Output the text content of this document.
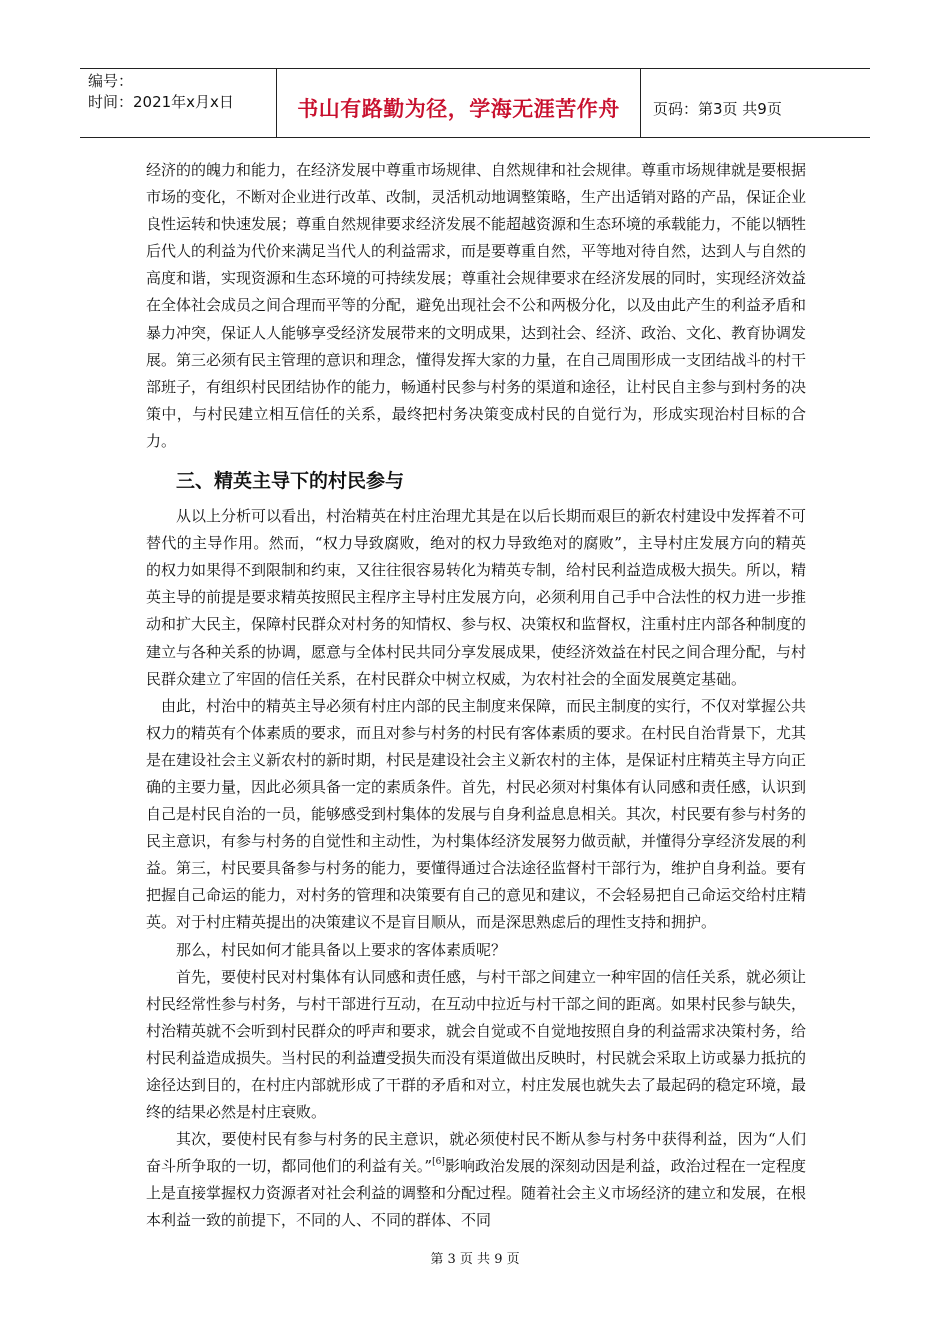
编号：
时间：2021年x月x日	书山有路勤为径，学海无涯苦作舟	页码：第3页 共9页

经济的的魄力和能力，在经济发展中尊重市场规律、自然规律和社会规律。尊重市场规律就是要根据市场的变化，不断对企业进行改革、改制，灵活机动地调整策略，生产出适销对路的产品，保证企业良性运转和快速发展；尊重自然规律要求经济发展不能超越资源和生态环境的承载能力，不能以牺牲后代人的利益为代价来满足当代人的利益需求，而是要尊重自然，平等地对待自然，达到人与自然的高度和谐，实现资源和生态环境的可持续发展；尊重社会规律要求在经济发展的同时，实现经济效益在全体社会成员之间合理而平等的分配，避免出现社会不公和两极分化，以及由此产生的利益矛盾和暴力冲突，保证人人能够享受经济发展带来的文明成果，达到社会、经济、政治、文化、教育协调发展。第三必须有民主管理的意识和理念，懂得发挥大家的力量，在自己周围形成一支团结战斗的村干部班子，有组织村民团结协作的能力，畅通村民参与村务的渠道和途径，让村民自主参与到村务的决策中，与村民建立相互信任的关系，最终把村务决策变成村民的自觉行为，形成实现治村目标的合力。

三、精英主导下的村民参与

从以上分析可以看出，村治精英在村庄治理尤其是在以后长期而艰巨的新农村建设中发挥着不可替代的主导作用。然而，“权力导致腐败，绝对的权力导致绝对的腐败”，主导村庄发展方向的精英的权力如果得不到限制和约束，又往往很容易转化为精英专制，给村民利益造成极大损失。所以，精英主导的前提是要求精英按照民主程序主导村庄发展方向，必须利用自己手中合法性的权力进一步推动和扩大民主，保障村民群众对村务的知情权、参与权、决策权和监督权，注重村庄内部各种制度的建立与各种关系的协调，愿意与全体村民共同分享发展成果，使经济效益在村民之间合理分配，与村民群众建立了牢固的信任关系，在村民群众中树立权威，为农村社会的全面发展奠定基础。

由此，村治中的精英主导必须有村庄内部的民主制度来保障，而民主制度的实行，不仅对掌握公共权力的精英有个体素质的要求，而且对参与村务的村民有客体素质的要求。在村民自治背景下，尤其是在建设社会主义新农村的新时期，村民是建设社会主义新农村的主体，是保证村庄精英主导方向正确的主要力量，因此必须具备一定的素质条件。首先，村民必须对村集体有认同感和责任感，认识到自己是村民自治的一员，能够感受到村集体的发展与自身利益息息相关。其次，村民要有参与村务的民主意识，有参与村务的自觉性和主动性，为村集体经济发展努力做贡献，并懂得分享经济发展的利益。第三，村民要具备参与村务的能力，要懂得通过合法途径监督村干部行为，维护自身利益。要有把握自己命运的能力，对村务的管理和决策要有自己的意见和建议，不会轻易把自己命运交给村庄精英。对于村庄精英提出的决策建议不是盲目顺从，而是深思熟虑后的理性支持和拥护。

那么，村民如何才能具备以上要求的客体素质呢？

首先，要使村民对村集体有认同感和责任感，与村干部之间建立一种牢固的信任关系，就必须让村民经常性参与村务，与村干部进行互动，在互动中拉近与村干部之间的距离。如果村民参与缺失，村治精英就不会听到村民群众的呼声和要求，就会自觉或不自觉地按照自身的利益需求决策村务，给村民利益造成损失。当村民的利益遭受损失而没有渠道做出反映时，村民就会采取上访或暴力抵抗的途径达到目的，在村庄内部就形成了干群的矛盾和对立，村庄发展也就失去了最起码的稳定环境，最终的结果必然是村庄衰败。

其次，要使村民有参与村务的民主意识，就必须使村民不断从参与村务中获得利益，因为“人们奋斗所争取的一切，都同他们的利益有关。”[6]影响政治发展的深刻动因是利益，政治过程在一定程度上是直接掌握权力资源者对社会利益的调整和分配过程。随着社会主义市场经济的建立和发展，在根本利益一致的前提下，不同的人、不同的群体、不同

第 3 页 共 9 页
